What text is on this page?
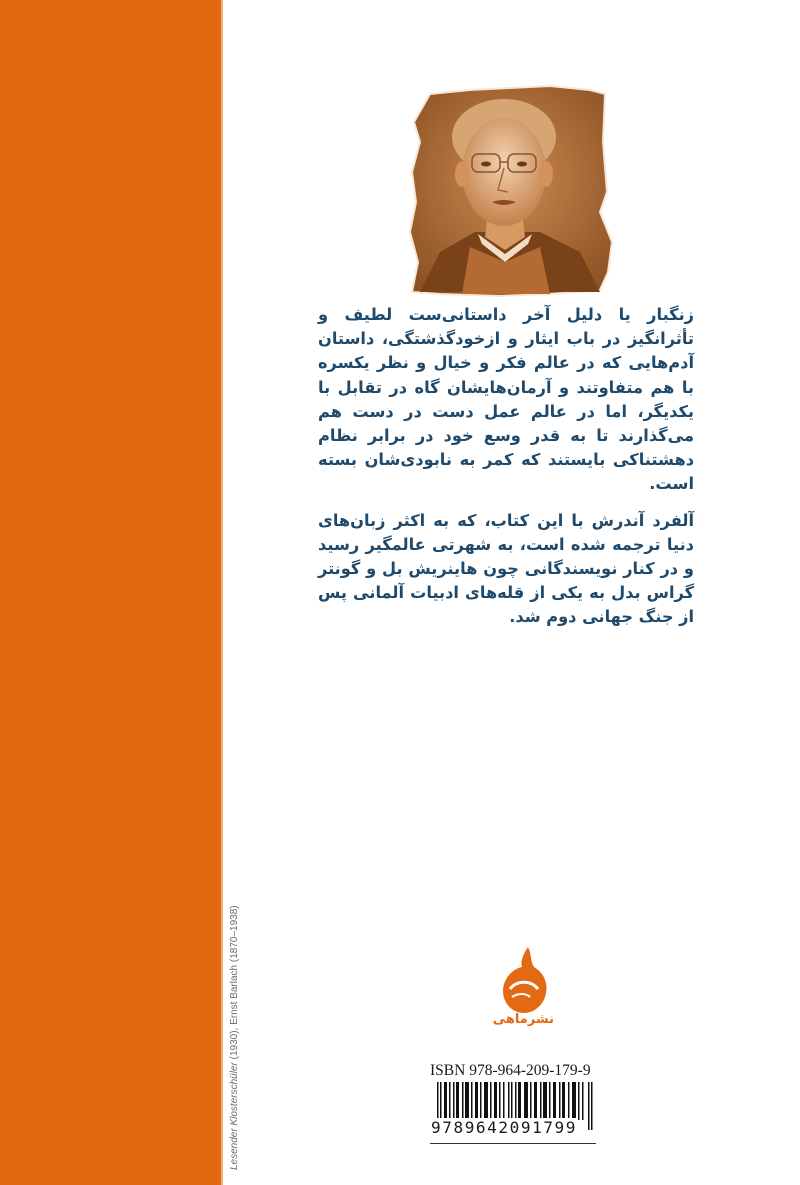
زنگبار یا دلیل آخر داستانی‌ست لطیف و تأثرانگیز در باب ایثار و ازخودگذشتگی، داستان آدم‌هایی که در عالم فکر و خیال و نظر یکسره با هم متفاوتند و آرمان‌هایشان گاه در تقابل با یکدیگر، اما در عالم عمل دست در دست هم می‌گذارند تا به قدر وسع خود در برابر نظام دهشتناکی بایستند که کمر به نابودی‌شان بسته است.

آلفرد آندرش با این کتاب، که به اکثر زبان‌های دنیا ترجمه شده است، به شهرتی عالمگیر رسید و در کنار نویسندگانی چون هاینریش بل و گونتر گراس بدل به یکی از قله‌های ادبیات آلمانی پس از جنگ جهانی دوم شد.

Lesender Klosterschüler (1930), Ernst Barlach (1870–1938)	نشرماهی
ISBN 978-964-209-179-9
9789642091799
